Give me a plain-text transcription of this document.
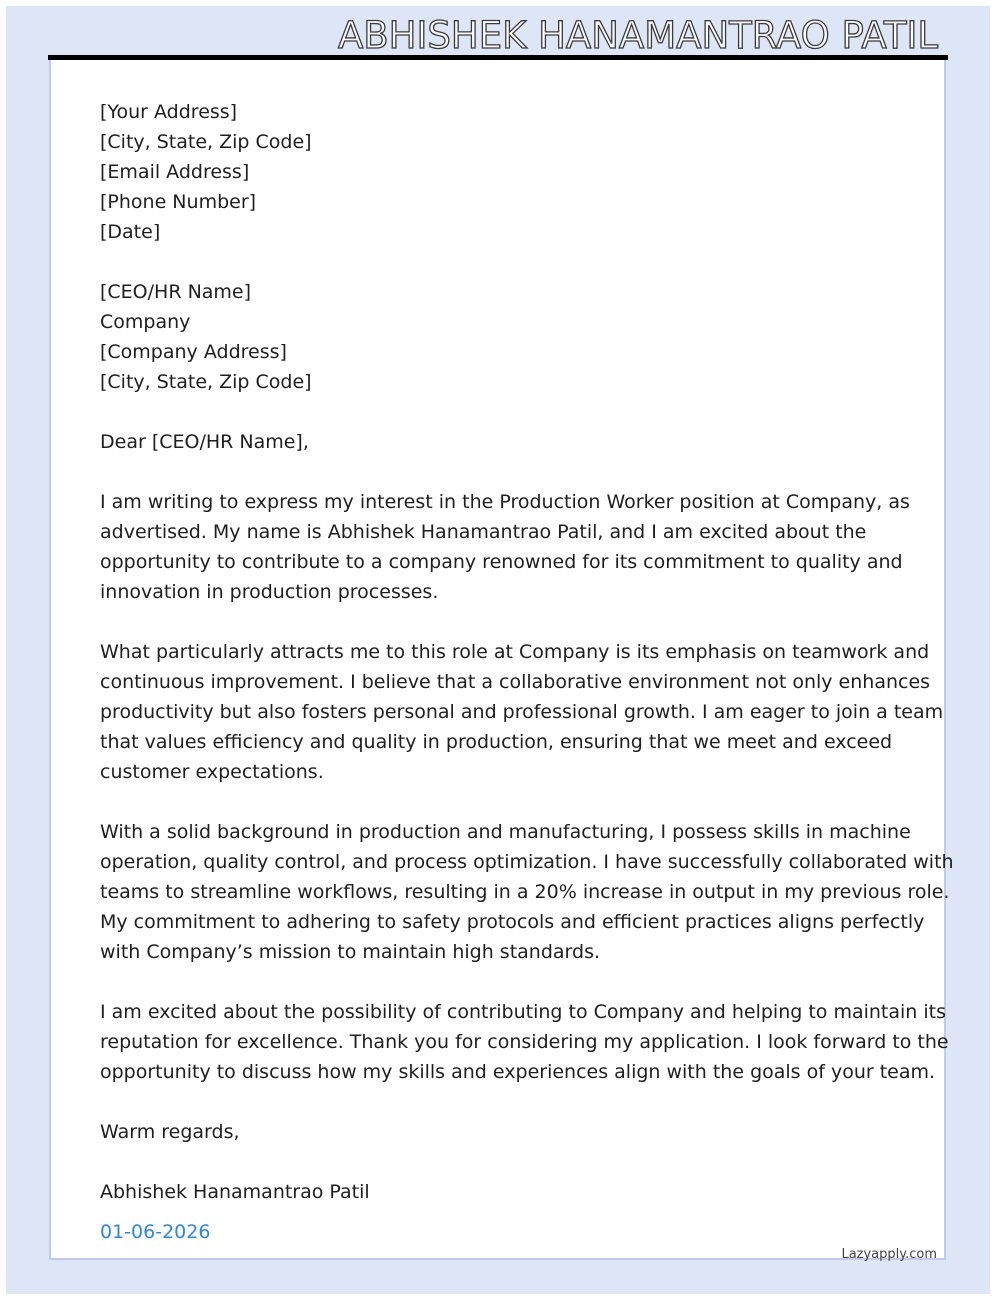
ABHISHEK HANAMANTRAO PATIL
[Your Address]
[City, State, Zip Code]
[Email Address]
[Phone Number]
[Date]
[CEO/HR Name]
Company
[Company Address]
[City, State, Zip Code]
Dear [CEO/HR Name],
I am writing to express my interest in the Production Worker position at Company, as
advertised. My name is Abhishek Hanamantrao Patil, and I am excited about the
opportunity to contribute to a company renowned for its commitment to quality and
innovation in production processes.
What particularly attracts me to this role at Company is its emphasis on teamwork and
continuous improvement. I believe that a collaborative environment not only enhances
productivity but also fosters personal and professional growth. I am eager to join a team
that values efficiency and quality in production, ensuring that we meet and exceed
customer expectations.
With a solid background in production and manufacturing, I possess skills in machine
operation, quality control, and process optimization. I have successfully collaborated with
teams to streamline workflows, resulting in a 20% increase in output in my previous role.
My commitment to adhering to safety protocols and efficient practices aligns perfectly
with Company’s mission to maintain high standards.
I am excited about the possibility of contributing to Company and helping to maintain its
reputation for excellence. Thank you for considering my application. I look forward to the
opportunity to discuss how my skills and experiences align with the goals of your team.
Warm regards,
Abhishek Hanamantrao Patil
01-06-2026
Lazyapply.com
